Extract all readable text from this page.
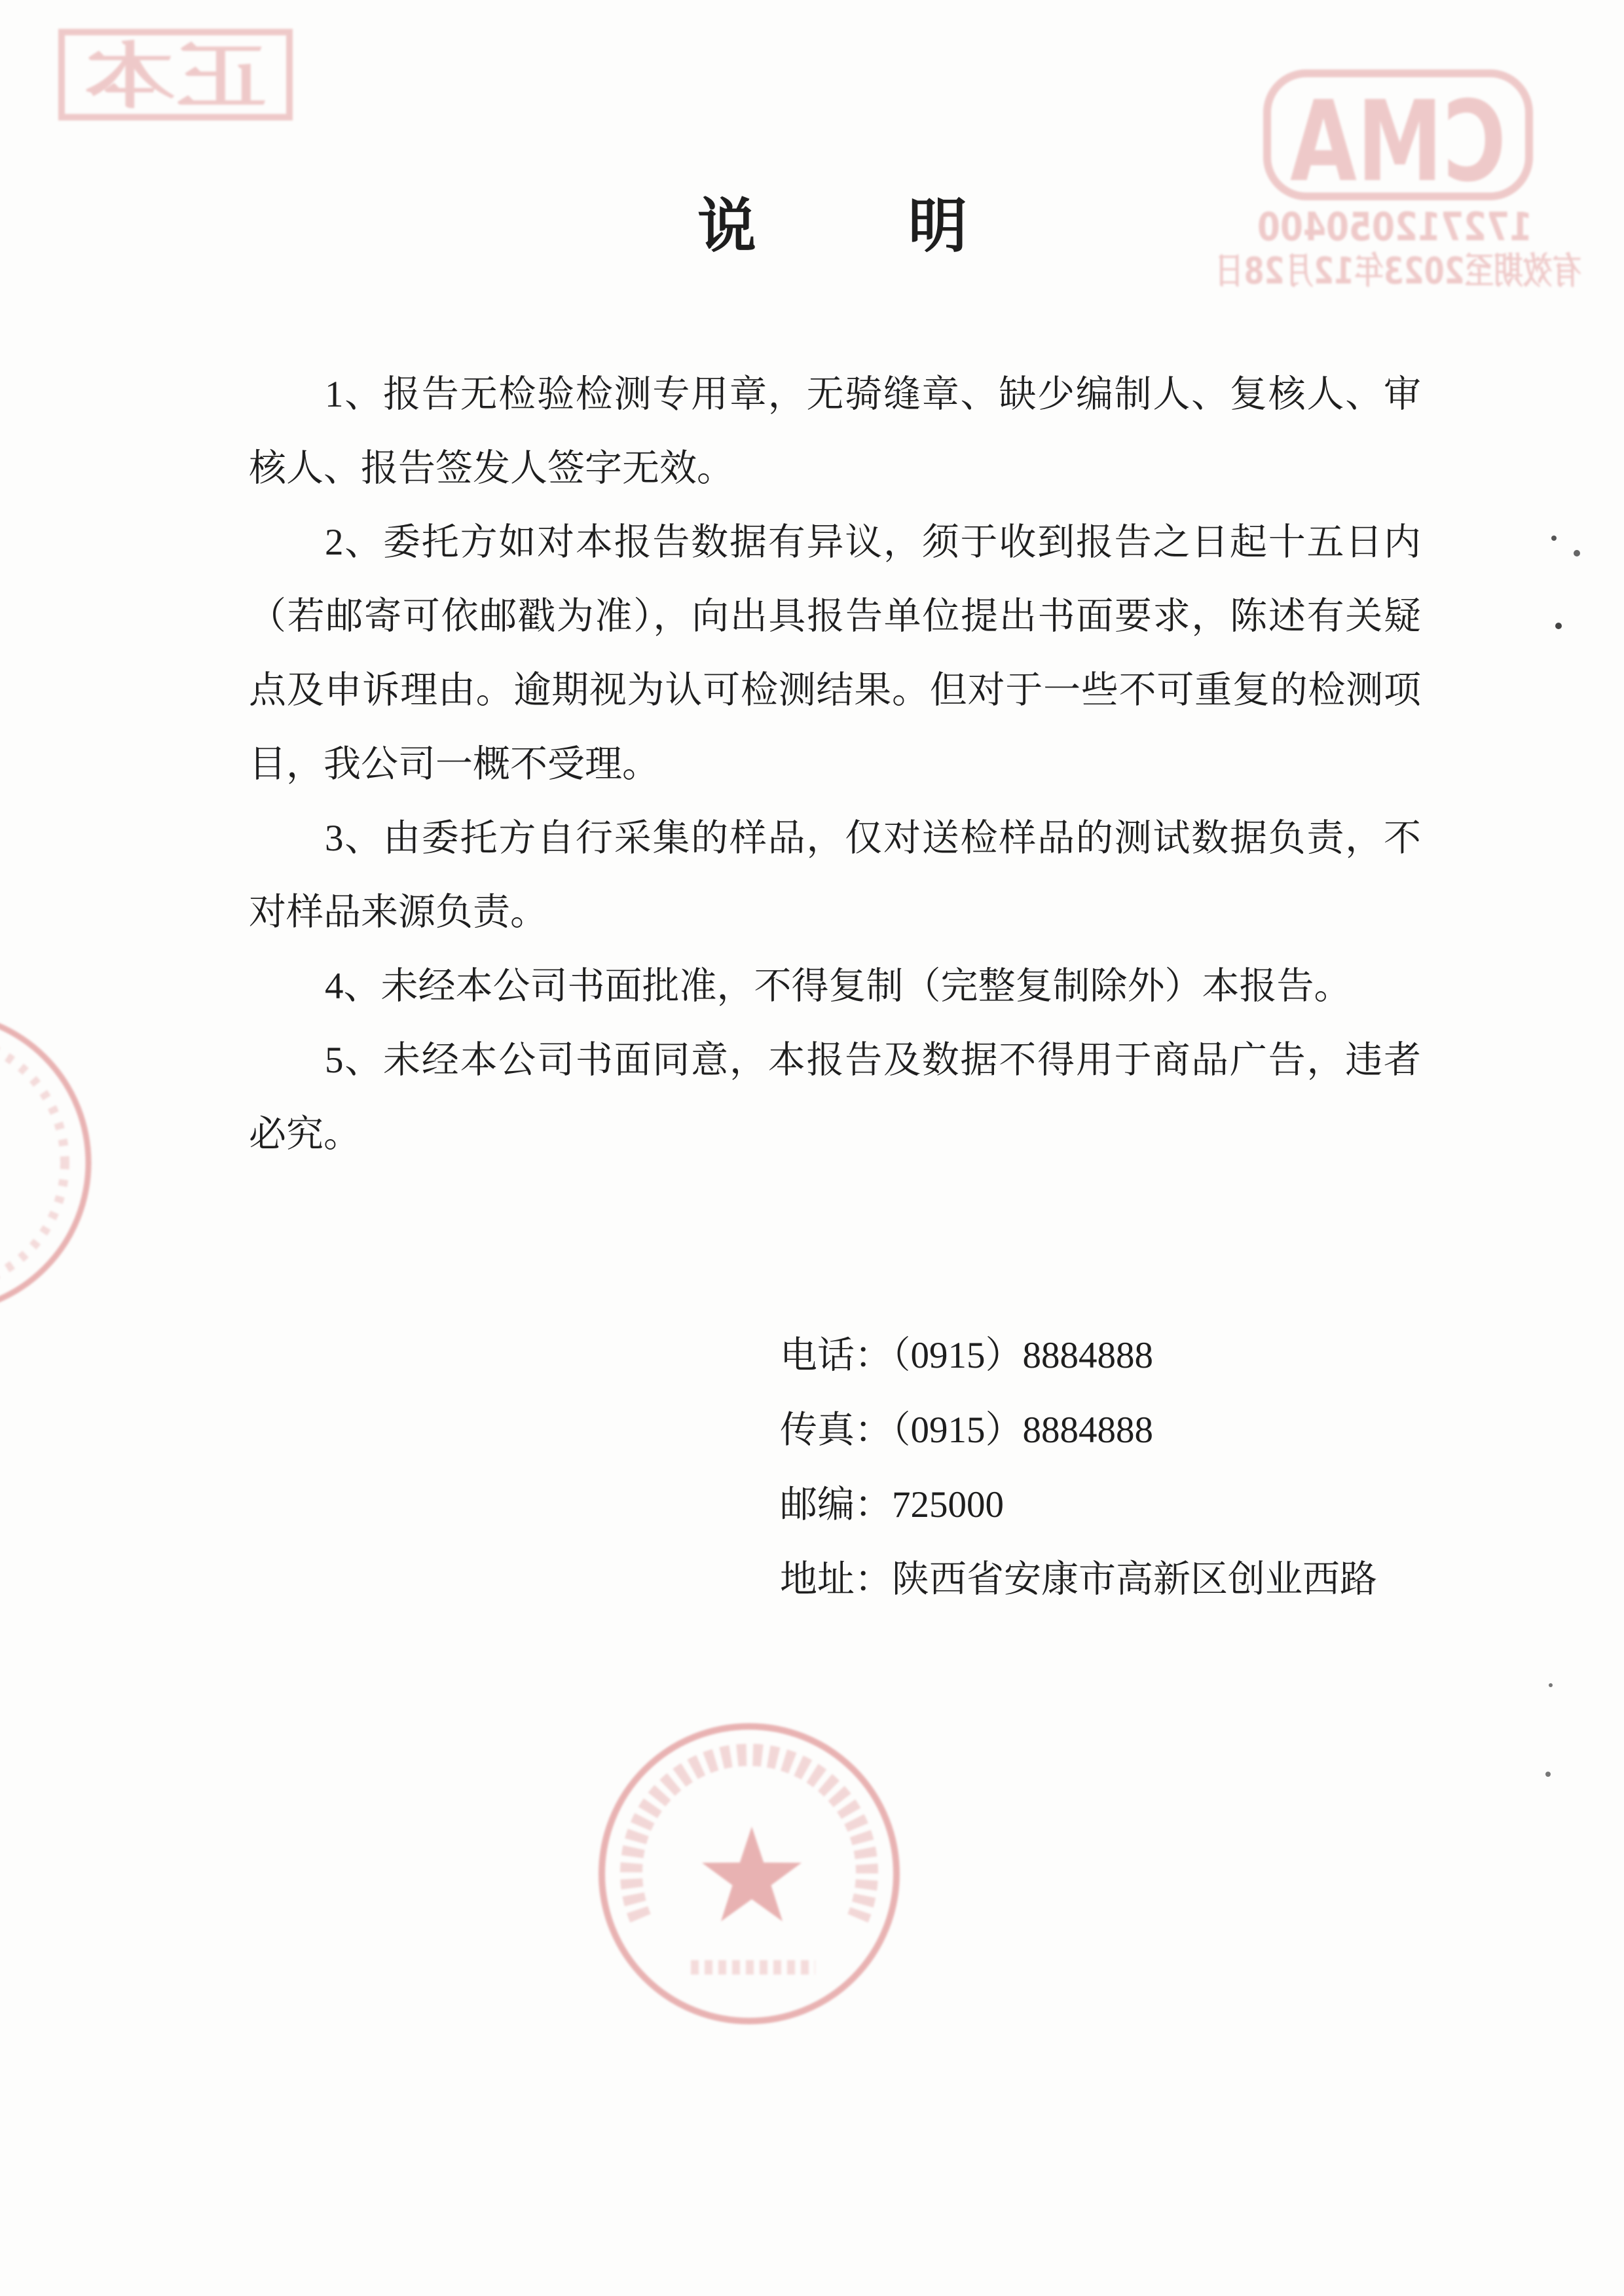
正本
CMA
172712050400
有效期至2023年12月28日
说明
1、报告无检验检测专用章，无骑缝章、缺少编制人、复核人、审
核人、报告签发人签字无效。
2、委托方如对本报告数据有异议，须于收到报告之日起十五日内
（若邮寄可依邮戳为准），向出具报告单位提出书面要求，陈述有关疑
点及申诉理由。逾期视为认可检测结果。但对于一些不可重复的检测项
目，我公司一概不受理。
3、由委托方自行采集的样品，仅对送检样品的测试数据负责，不
对样品来源负责。
4、未经本公司书面批准，不得复制（完整复制除外）本报告。
5、未经本公司书面同意，本报告及数据不得用于商品广告，违者
必究。
电话：（0915）8884888
传真：（0915）8884888
邮编：725000
地址：陕西省安康市高新区创业西路
